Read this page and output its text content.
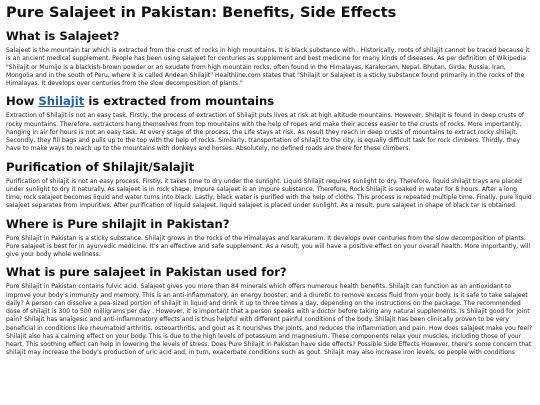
Pure Salajeet in Pakistan: Benefits, Side Effects
What is Salajeet?

Salajeet is the mountain tar which is extracted from the crust of rocks in high mountains. It is black substance with . Historically, roots of shilajit cannot be traced because it is an ancient medical supplement. People has been using salajeet for centuries as supplement and best medicine for many kinds of diseases. As per definition of Wikipedia "Shilajit or Mumijo is a blackish-brown powder or an exudate from high mountain rocks, often found in the Himalayas, Karakoram, Nepal, Bhutan, Girda, Russia, Iran, Mongolia and in the south of Peru, where it is called Andean Shilajit" Healthline.com states that "Shilajit or Salajeet is a sticky substance found primarily in the rocks of the Himalayas. It develops over centuries from the slow decomposition of plants."

How Shilajit is extracted from mountains

Extraction of Shilajit is not an easy task. Firstly, the process of extraction of Shilajit puts lives at risk at high altitude mountains. However, Shilajit is found in deep crusts of rocky mountains. Therefore, extractors hang themselves from top mountains with the help of ropes and make their access easier to the crusts of rocks. More importantly, hanging in air for hours is not an easy task. At every stage of the process, the Life stays at risk. As result they reach in deep crusts of mountains to extract rocky shilajit. Secondly, they fill bags and pulls up to the top with the help of rocks. Similarly, transportation of shilajit to the city, is equally difficult task for rock climbers. Thirdly, they have to make ways to reach up to the mountains with donkeys and horses. Absolutely, no defined roads are there for these climbers.

Purification of Shilajit/Salajit

Purification of shilajit is not an easy process. Firstly, it takes time to dry under the sunlight. Liquid Shilajit requires sunlight to dry. Therefore, liquid shilajit trays are placed under sunlight to dry it naturally. As salajeet is in rock shape. Impure salajeet is an impure substance. Therefore, Rock Shilajit is soaked in water for 8 hours. After a long time, rock salajeet becomes liquid and water turns into black. Lastly, black water is purified with the help of cloths. This process is repeated multiple time. Finally, pure liquid salajeet separates from impurities. After purification of liquid salajeet, liquid salajeet is placed under sunlight. As a result, pure salajeet in shape of black tar is obtained.

Where is Pure shilajit in Pakistan?

Pure Shilajit in Pakistan is a sticky substance. Shilajit grows in the rocks of the Himalayas and karakuram. It develops over centuries from the slow decomposition of plants. Pure salajeet is best for in ayurvedic medicine. It's an effective and safe supplement. As a result, you will have a positive effect on your overall health. More importantly, will give your body whole wellness.

What is pure salajeet in Pakistan used for?

Pure Shilajit in Pakistan contains fulvic acid. Salajeet gives you more than 84 minerals which offers numerous health benefits. Shilajit can function as an antioxidant to improve your body's immunity and memory. This is an anti-inflammatory, an energy booster, and a diuretic to remove excess fluid from your body. Is it safe to take salajeet daily? A person can dissolve a pea-sized portion of shilajit in liquid and drink it up to three times a day, depending on the instructions on the package. The recommended dose of shilajit is 300 to 500 milligrams per day . However, it is important that a person speaks with a doctor before taking any natural supplements. Is Shilajit good for joint pain? Shilajit has analgesic and anti-inflammatory effects and is thus helpful with different painful conditions of the body. Shilajit has been clinically proven to be very beneficial in conditions like rheumatoid arthritis, osteoarthritis, and gout as it nourishes the joints, and reduces the inflammation and pain. How does salajeet make you feel? Shilajit also has a calming effect on your body. This is due to the high levels of potassium and magnesium. These components relax your muscles, including those of your heart. This soothing effect can help in lowering the levels of stress. Does Pure Shilajit in Pakistan have side effects? Possible Side Effects However, there's some concern that shilajit may increase the body's production of uric acid and, in turn, exacerbate conditions such as gout. Shilajit may also increase iron levels, so people with conditions
